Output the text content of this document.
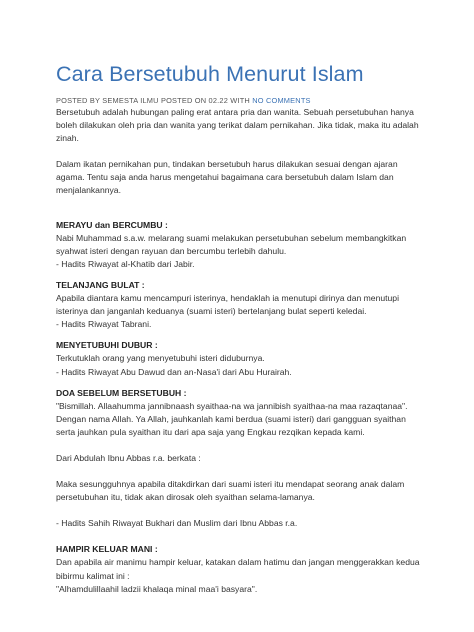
Cara Bersetubuh Menurut Islam
POSTED BY SEMESTA ILMU POSTED ON 02.22 WITH NO COMMENTS

Bersetubuh adalah hubungan paling erat antara pria dan wanita. Sebuah persetubuhan hanya
boleh dilakukan oleh pria dan wanita yang terikat dalam pernikahan. Jika tidak, maka itu adalah
zinah.

Dalam ikatan pernikahan pun, tindakan bersetubuh harus dilakukan sesuai dengan ajaran
agama. Tentu saja anda harus mengetahui bagaimana cara bersetubuh dalam Islam dan
menjalankannya.

MERAYU dan BERCUMBU :
Nabi Muhammad s.a.w. melarang suami melakukan persetubuhan sebelum membangkitkan
syahwat isteri dengan rayuan dan bercumbu terlebih dahulu.
- Hadits Riwayat al-Khatib dari Jabir.
TELANJANG BULAT :
Apabila diantara kamu mencampuri isterinya, hendaklah ia menutupi dirinya dan menutupi
isterinya dan janganlah keduanya (suami isteri) bertelanjang bulat seperti keledai.
- Hadits Riwayat Tabrani.
MENYETUBUHI DUBUR :
Terkutuklah orang yang menyetubuhi isteri diduburnya.
- Hadits Riwayat Abu Dawud dan an-Nasa'i dari Abu Hurairah.
DOA SEBELUM BERSETUBUH :
"Bismillah. Allaahumma jannibnaash syaithaa-na wa jannibish syaithaa-na maa razaqtanaa".
Dengan nama Allah. Ya Allah, jauhkanlah kami berdua (suami isteri) dari gangguan syaithan
serta jauhkan pula syaithan itu dari apa saja yang Engkau rezqikan kepada kami.
Dari Abdulah Ibnu Abbas r.a. berkata :
Maka sesungguhnya apabila ditakdirkan dari suami isteri itu mendapat seorang anak dalam
persetubuhan itu, tidak akan dirosak oleh syaithan selama-lamanya.
- Hadits Sahih Riwayat Bukhari dan Muslim dari Ibnu Abbas r.a.
HAMPIR KELUAR MANI :
Dan apabila air manimu hampir keluar, katakan dalam hatimu dan jangan menggerakkan kedua
bibirmu kalimat ini :
"Alhamdulillaahil ladzii khalaqa minal maa'i basyara".
